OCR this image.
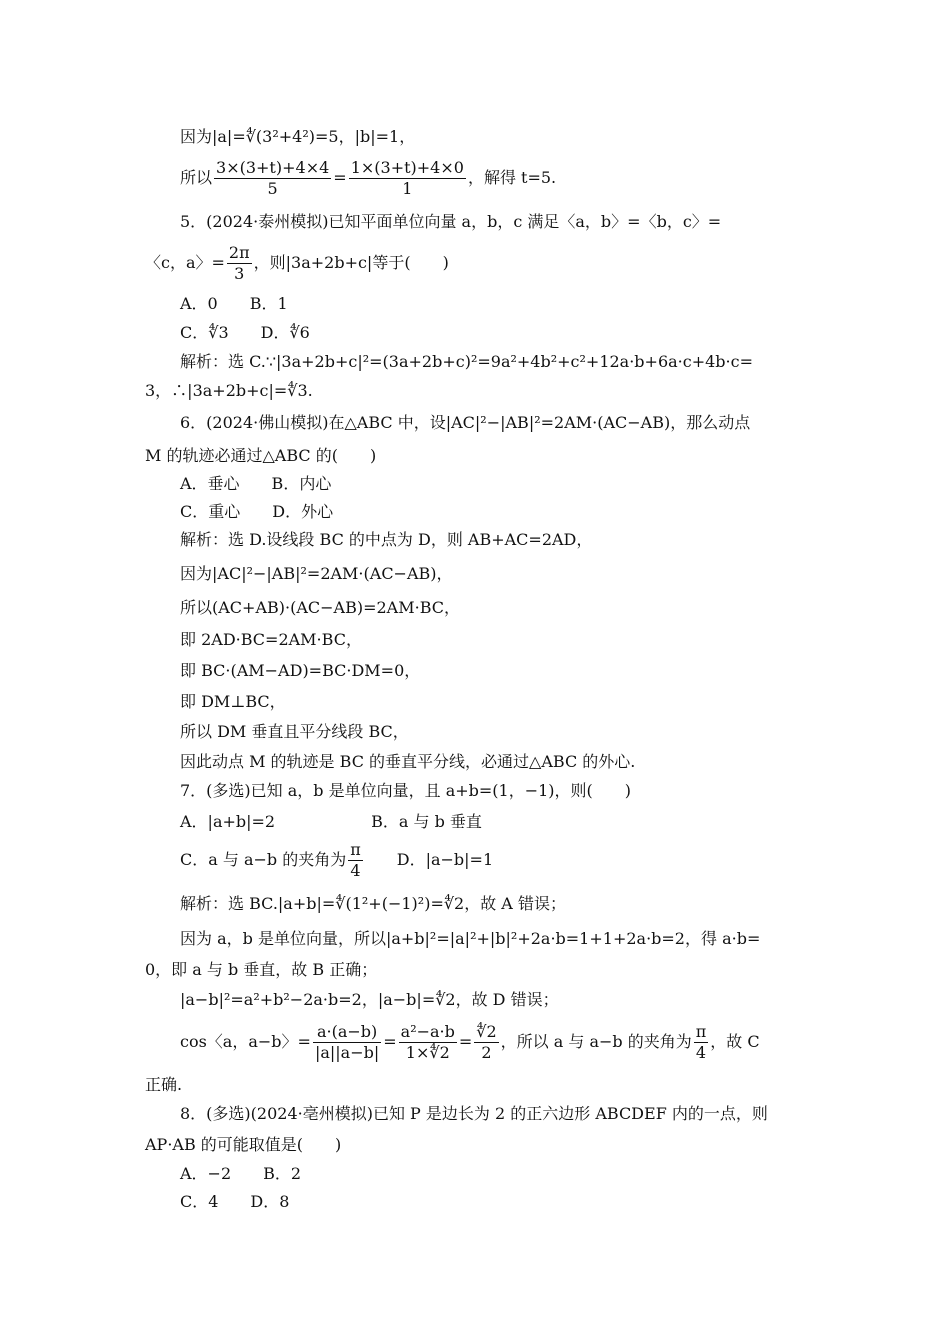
因为|a|=∜(3²+4²)=5，|b|=1，
所以 $\frac{3\times(3+t)+4\times 4}{5} = \frac{1\times(3+t)+4\times 0}{1}$ ，解得 t=5.
5．(2024·泰州模拟)已知平面单位向量 a，b，c 满足〈a，b〉=〈b，c〉=
〈c，a〉= $\frac{2\pi}{3}$ ，则|3a+2b+c|等于(　　)
A．0　　B．1
C．∜3　　D．∜6
解析：选 C.∵|3a+2b+c|²=(3a+2b+c)²=9a²+4b²+c²+12a·b+6a·c+4b·c=
3，∴|3a+2b+c|=∜3.
6．(2024·佛山模拟)在△ABC 中，设|AC|²−|AB|²=2AM·(AC−AB)，那么动点
M 的轨迹必通过△ABC 的(　　)
A．垂心　　B．内心
C．重心　　D．外心
解析：选 D.设线段 BC 的中点为 D，则 AB+AC=2AD，
因为|AC|²−|AB|²=2AM·(AC−AB)，
所以(AC+AB)·(AC−AB)=2AM·BC，
即 2AD·BC=2AM·BC，
即 BC·(AM−AD)=BC·DM=0，
即 DM⊥BC，
所以 DM 垂直且平分线段 BC，
因此动点 M 的轨迹是 BC 的垂直平分线，必通过△ABC 的外心.
7．(多选)已知 a，b 是单位向量，且 a+b=(1，−1)，则(　　)
A．|a+b|=2　　　　　　B．a 与 b 垂直
C．a 与 a−b 的夹角为 $\frac{\pi}{4}$ 　　D．|a−b|=1
解析：选 BC.|a+b|=∜(1²+(−1)²)=∜2，故 A 错误；
因为 a，b 是单位向量，所以|a+b|²=|a|²+|b|²+2a·b=1+1+2a·b=2，得 a·b=
0，即 a 与 b 垂直，故 B 正确；
|a−b|²=a²+b²−2a·b=2，|a−b|=∜2，故 D 错误；
cos〈a，a−b〉= $\frac{a\cdot(a-b)}{|a||a-b|} = \frac{\text{a²−a·b}}{1\times∜2} = \frac{∜2}{2}$ ，所以 a 与 a−b 的夹角为 $\frac{\pi}{4}$ ，故 C
正确.
8．(多选)(2024·亳州模拟)已知 P 是边长为 2 的正六边形 ABCDEF 内的一点，则
AP·AB 的可能取值是(　　)
A．−2　　B．2
C．4　　D．8
